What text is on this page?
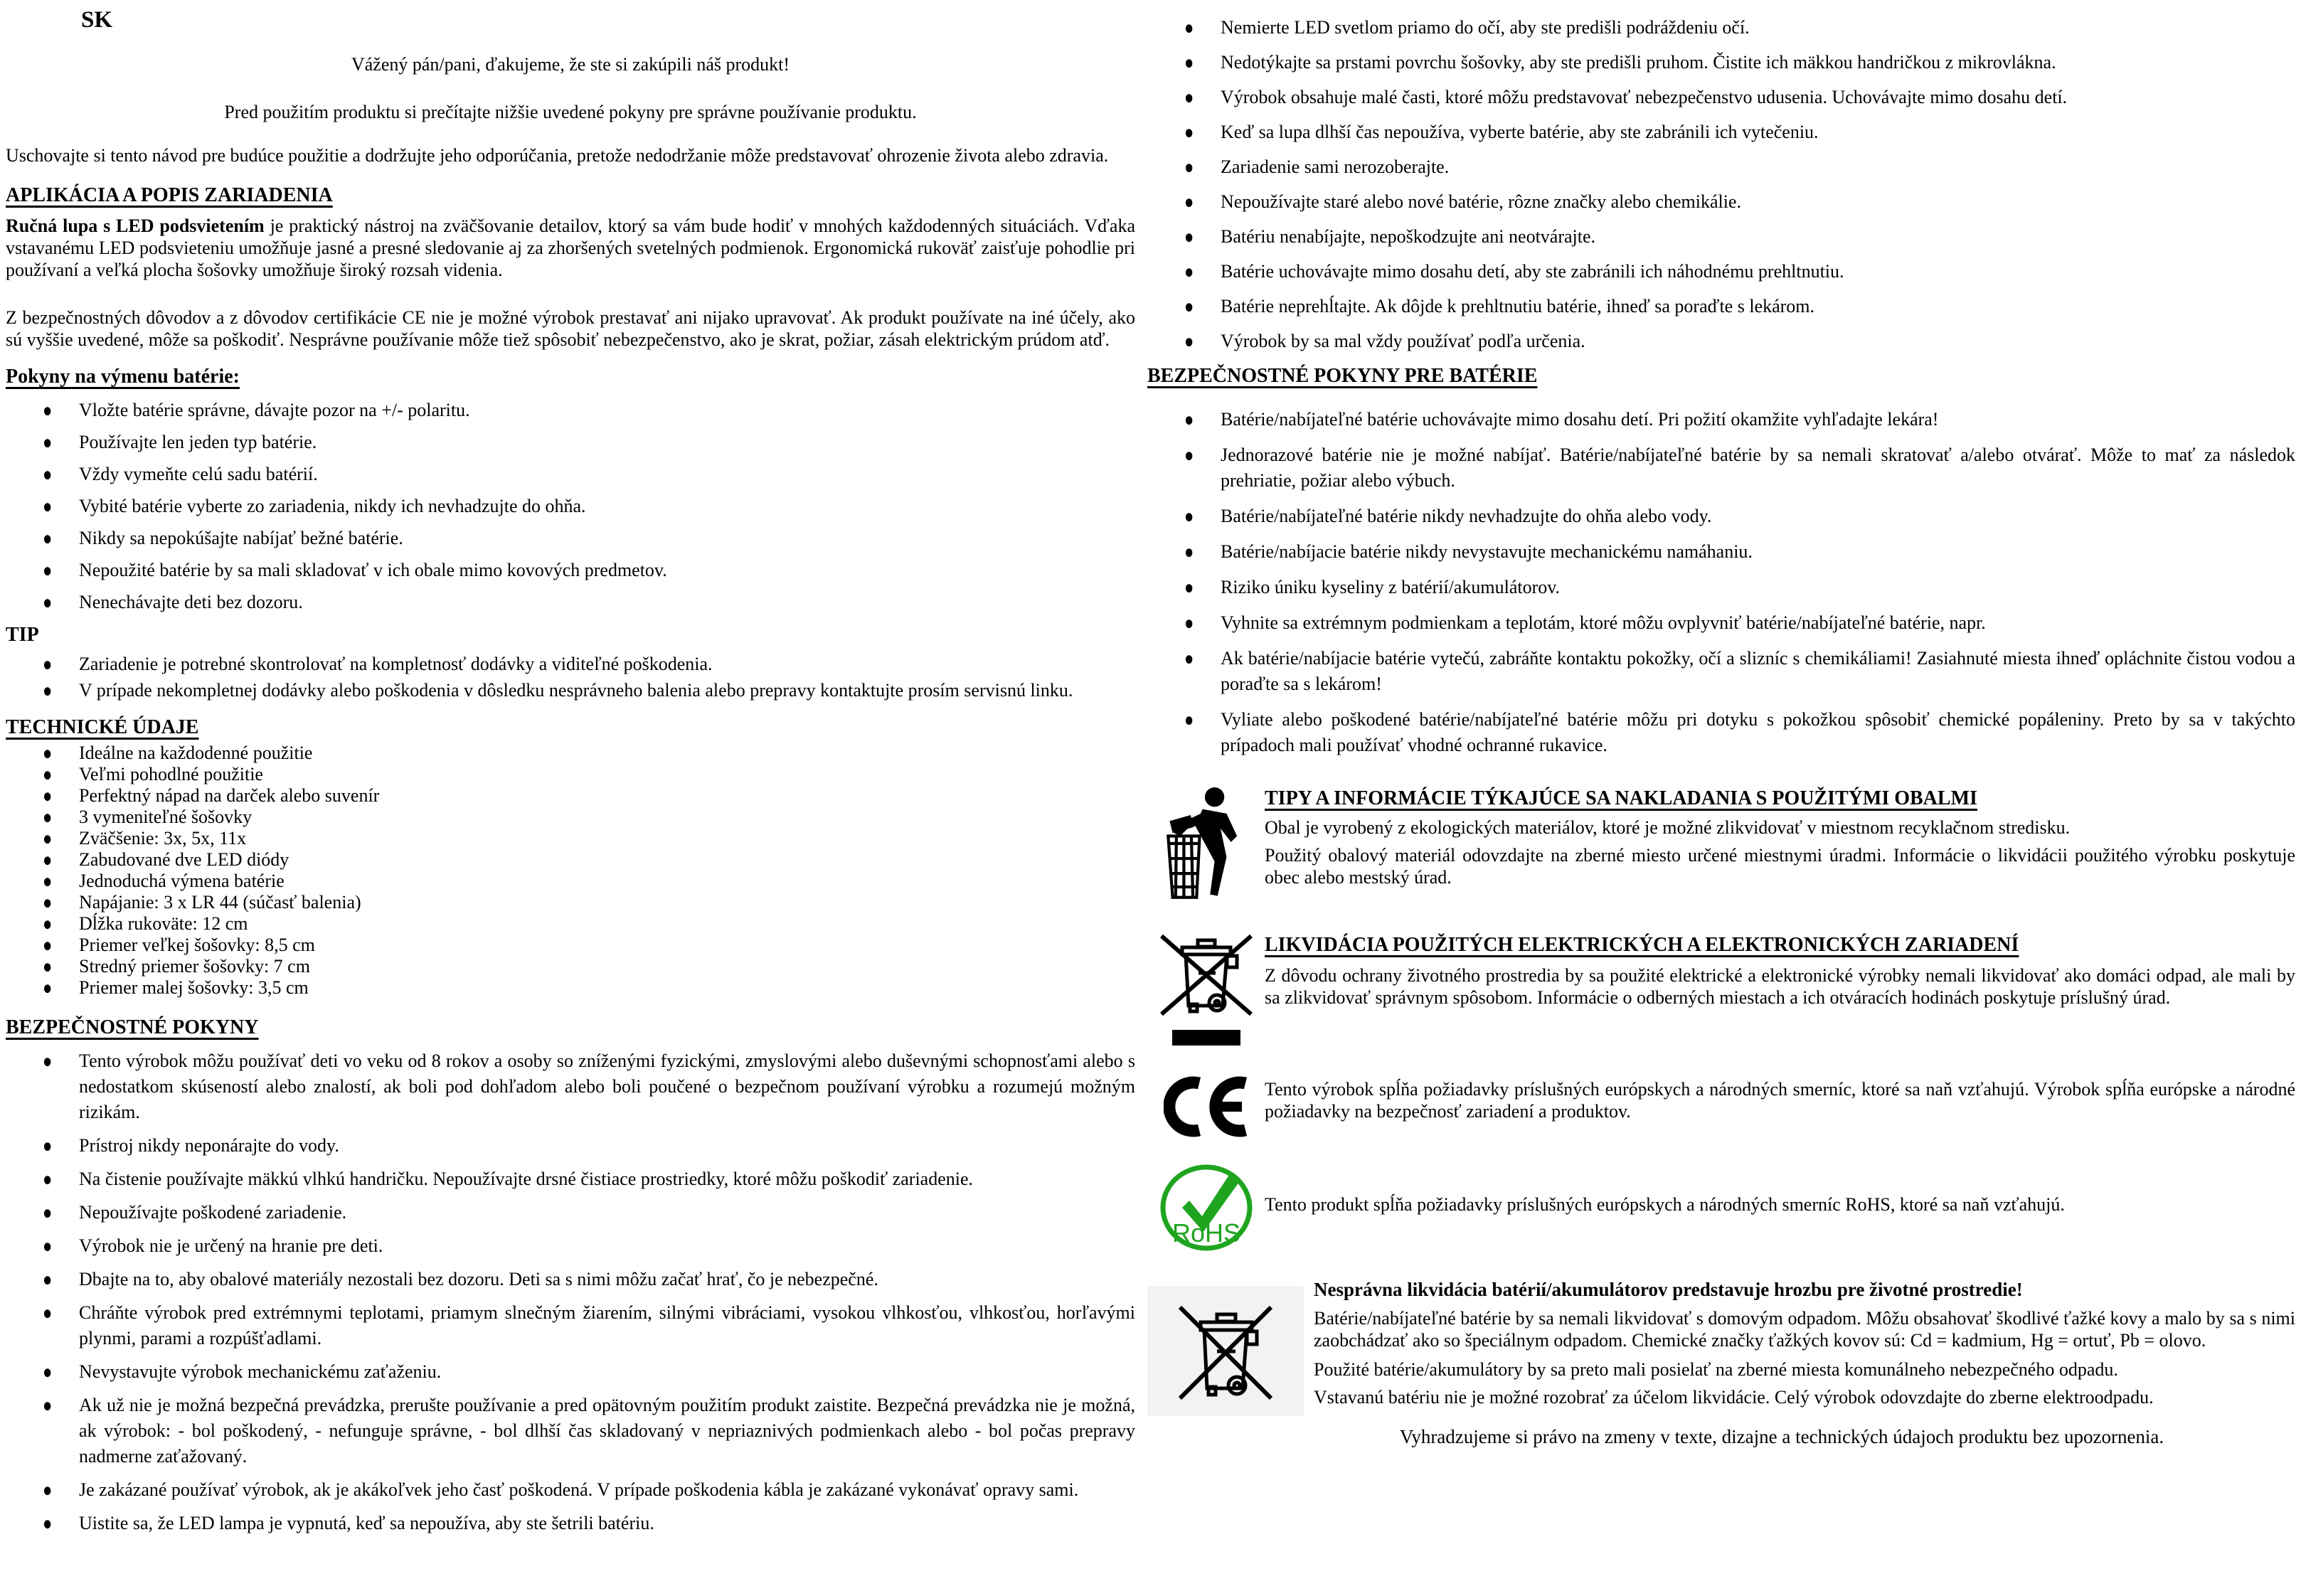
SK
Vážený pán/pani, ďakujeme, že ste si zakúpili náš produkt!
Pred použitím produktu si prečítajte nižšie uvedené pokyny pre správne používanie produktu.
Uschovajte si tento návod pre budúce použitie a dodržujte jeho odporúčania, pretože nedodržanie môže predstavovať ohrozenie života alebo zdravia.
APLIKÁCIA A POPIS ZARIADENIA

Ručná lupa s LED podsvietením je praktický nástroj na zväčšovanie detailov, ktorý sa vám bude hodiť v mnohých každodenných situáciách. Vďaka vstavanému LED podsvieteniu umožňuje jasné a presné sledovanie aj za zhoršených svetelných podmienok. Ergonomická rukoväť zaisťuje pohodlie pri používaní a veľká plocha šošovky umožňuje široký rozsah videnia.

Z bezpečnostných dôvodov a z dôvodov certifikácie CE nie je možné výrobok prestavať ani nijako upravovať. Ak produkt používate na iné účely, ako sú vyššie uvedené, môže sa poškodiť. Nesprávne používanie môže tiež spôsobiť nebezpečenstvo, ako je skrat, požiar, zásah elektrickým prúdom atď.

Pokyny na výmenu batérie:
● Vložte batérie správne, dávajte pozor na +/- polaritu.
● Používajte len jeden typ batérie.
● Vždy vymeňte celú sadu batérií.
● Vybité batérie vyberte zo zariadenia, nikdy ich nevhadzujte do ohňa.
● Nikdy sa nepokúšajte nabíjať bežné batérie.
● Nepoužité batérie by sa mali skladovať v ich obale mimo kovových predmetov.
● Nenechávajte deti bez dozoru.
TIP
● Zariadenie je potrebné skontrolovať na kompletnosť dodávky a viditeľné poškodenia.
● V prípade nekompletnej dodávky alebo poškodenia v dôsledku nesprávneho balenia alebo prepravy kontaktujte prosím servisnú linku.
TECHNICKÉ ÚDAJE
● Ideálne na každodenné použitie
● Veľmi pohodlné použitie
● Perfektný nápad na darček alebo suvenír
● 3 vymeniteľné šošovky
● Zväčšenie: 3x, 5x, 11x
● Zabudované dve LED diódy
● Jednoduchá výmena batérie
● Napájanie: 3 x LR 44 (súčasť balenia)
● Dĺžka rukoväte: 12 cm
● Priemer veľkej šošovky: 8,5 cm
● Stredný priemer šošovky: 7 cm
● Priemer malej šošovky: 3,5 cm
BEZPEČNOSTNÉ POKYNY
● Tento výrobok môžu používať deti vo veku od 8 rokov a osoby so zníženými fyzickými, zmyslovými alebo duševnými schopnosťami alebo s nedostatkom skúseností alebo znalostí, ak boli pod dohľadom alebo boli poučené o bezpečnom používaní výrobku a rozumejú možným rizikám.
● Prístroj nikdy neponárajte do vody.
● Na čistenie používajte mäkkú vlhkú handričku. Nepoužívajte drsné čistiace prostriedky, ktoré môžu poškodiť zariadenie.
● Nepoužívajte poškodené zariadenie.
● Výrobok nie je určený na hranie pre deti.
● Dbajte na to, aby obalové materiály nezostali bez dozoru. Deti sa s nimi môžu začať hrať, čo je nebezpečné.
● Chráňte výrobok pred extrémnymi teplotami, priamym slnečným žiarením, silnými vibráciami, vysokou vlhkosťou, vlhkosťou, horľavými plynmi, parami a rozpúšťadlami.
● Nevystavujte výrobok mechanickému zaťaženiu.
● Ak už nie je možná bezpečná prevádzka, prerušte používanie a pred opätovným použitím produkt zaistite. Bezpečná prevádzka nie je možná, ak výrobok: - bol poškodený, - nefunguje správne, - bol dlhší čas skladovaný v nepriaznivých podmienkach alebo - bol počas prepravy nadmerne zaťažovaný.
● Je zakázané používať výrobok, ak je akákoľvek jeho časť poškodená. V prípade poškodenia kábla je zakázané vykonávať opravy sami.
● Uistite sa, že LED lampa je vypnutá, keď sa nepoužíva, aby ste šetrili batériu.
● Nemierte LED svetlom priamo do očí, aby ste predišli podráždeniu očí.
● Nedotýkajte sa prstami povrchu šošovky, aby ste predišli pruhom. Čistite ich mäkkou handričkou z mikrovlákna.
● Výrobok obsahuje malé časti, ktoré môžu predstavovať nebezpečenstvo udusenia. Uchovávajte mimo dosahu detí.
● Keď sa lupa dlhší čas nepoužíva, vyberte batérie, aby ste zabránili ich vytečeniu.
● Zariadenie sami nerozoberajte.
● Nepoužívajte staré alebo nové batérie, rôzne značky alebo chemikálie.
● Batériu nenabíjajte, nepoškodzujte ani neotvárajte.
● Batérie uchovávajte mimo dosahu detí, aby ste zabránili ich náhodnému prehltnutiu.
● Batérie neprehĺtajte. Ak dôjde k prehltnutiu batérie, ihneď sa poraďte s lekárom.
● Výrobok by sa mal vždy používať podľa určenia.
BEZPEČNOSTNÉ POKYNY PRE BATÉRIE
● Batérie/nabíjateľné batérie uchovávajte mimo dosahu detí. Pri požití okamžite vyhľadajte lekára!
● Jednorazové batérie nie je možné nabíjať. Batérie/nabíjateľné batérie by sa nemali skratovať a/alebo otvárať. Môže to mať za následok prehriatie, požiar alebo výbuch.
● Batérie/nabíjateľné batérie nikdy nevhadzujte do ohňa alebo vody.
● Batérie/nabíjacie batérie nikdy nevystavujte mechanickému namáhaniu.
● Riziko úniku kyseliny z batérií/akumulátorov.
● Vyhnite sa extrémnym podmienkam a teplotám, ktoré môžu ovplyvniť batérie/nabíjateľné batérie, napr.
● Ak batérie/nabíjacie batérie vytečú, zabráňte kontaktu pokožky, očí a slizníc s chemikáliami! Zasiahnuté miesta ihneď opláchnite čistou vodou a poraďte sa s lekárom!
● Vyliate alebo poškodené batérie/nabíjateľné batérie môžu pri dotyku s pokožkou spôsobiť chemické popáleniny. Preto by sa v takýchto prípadoch mali používať vhodné ochranné rukavice.
TIPY A INFORMÁCIE TÝKAJÚCE SA NAKLADANIA S POUŽITÝMI OBALMI

Obal je vyrobený z ekologických materiálov, ktoré je možné zlikvidovať v miestnom recyklačnom stredisku.

Použitý obalový materiál odovzdajte na zberné miesto určené miestnymi úradmi. Informácie o likvidácii použitého výrobku poskytuje obec alebo mestský úrad.

LIKVIDÁCIA POUŽITÝCH ELEKTRICKÝCH A ELEKTRONICKÝCH ZARIADENÍ

Z dôvodu ochrany životného prostredia by sa použité elektrické a elektronické výrobky nemali likvidovať ako domáci odpad, ale mali by sa zlikvidovať správnym spôsobom. Informácie o odberných miestach a ich otváracích hodinách poskytuje príslušný úrad.

Tento výrobok spĺňa požiadavky príslušných európskych a národných smerníc, ktoré sa naň vzťahujú. Výrobok spĺňa európske a národné požiadavky na bezpečnosť zariadení a produktov.

RoHS

Tento produkt spĺňa požiadavky príslušných európskych a národných smerníc RoHS, ktoré sa naň vzťahujú.

Nesprávna likvidácia batérií/akumulátorov predstavuje hrozbu pre životné prostredie!

Batérie/nabíjateľné batérie by sa nemali likvidovať s domovým odpadom. Môžu obsahovať škodlivé ťažké kovy a malo by sa s nimi zaobchádzať ako so špeciálnym odpadom. Chemické značky ťažkých kovov sú: Cd = kadmium, Hg = ortuť, Pb = olovo.

Použité batérie/akumulátory by sa preto mali posielať na zberné miesta komunálneho nebezpečného odpadu.

Vstavanú batériu nie je možné rozobrať za účelom likvidácie. Celý výrobok odovzdajte do zberne elektroodpadu.

Vyhradzujeme si právo na zmeny v texte, dizajne a technických údajoch produktu bez upozornenia.
